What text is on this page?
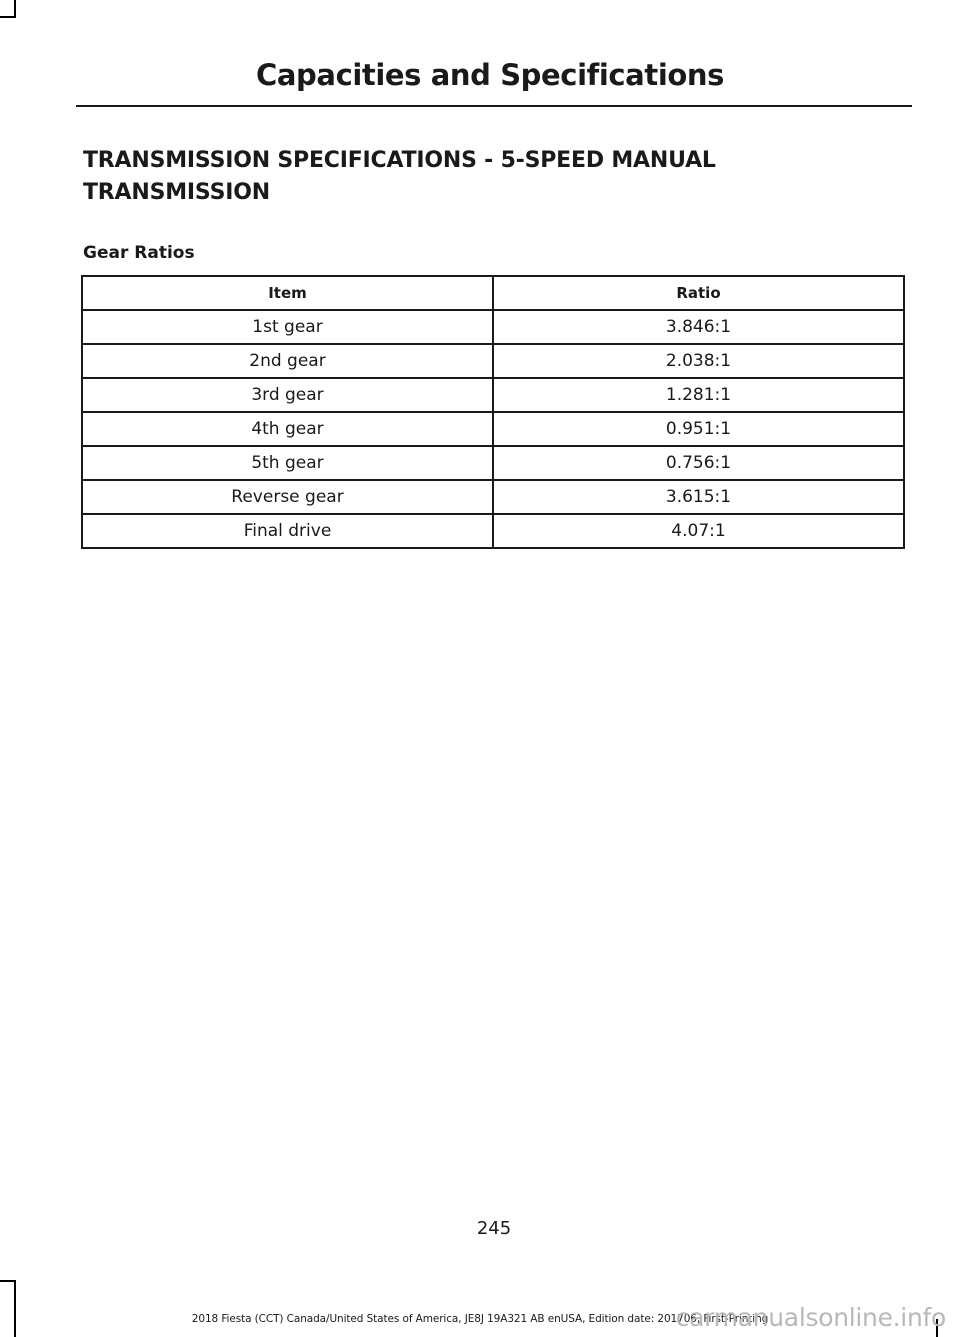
Capacities and Specifications
TRANSMISSION SPECIFICATIONS - 5-SPEED MANUAL TRANSMISSION
Gear Ratios
Item	Ratio
1st gear	3.846:1
2nd gear	2.038:1
3rd gear	1.281:1
4th gear	0.951:1
5th gear	0.756:1
Reverse gear	3.615:1
Final drive	4.07:1
245
2018 Fiesta (CCT) Canada/United States of America, JE8J 19A321 AB enUSA, Edition date: 201706, First-Printing
carmanualsonline.info
